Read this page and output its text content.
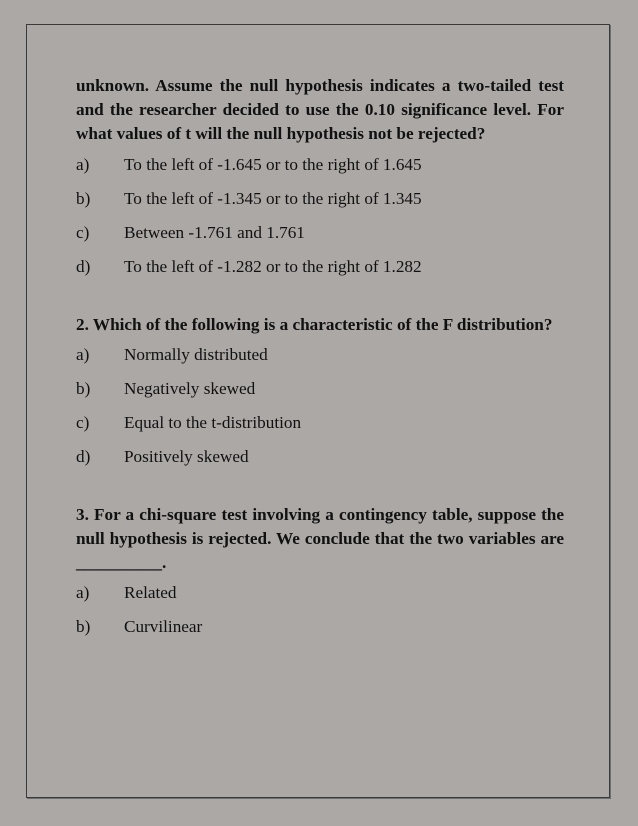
unknown. Assume the null hypothesis indicates a two-tailed test and the researcher decided to use the 0.10 significance level. For what values of t will the null hypothesis not be rejected?

a)	To the left of -1.645 or to the right of 1.645
b)	To the left of -1.345 or to the right of 1.345
c)	Between -1.761 and 1.761
d)	To the left of -1.282 or to the right of 1.282

2. Which of the following is a characteristic of the F distribution?

a)	Normally distributed
b)	Negatively skewed
c)	Equal to the t-distribution
d)	Positively skewed

3. For a chi-square test involving a contingency table, suppose the null hypothesis is rejected. We conclude that the two variables are __________.

a)	Related
b)	Curvilinear
